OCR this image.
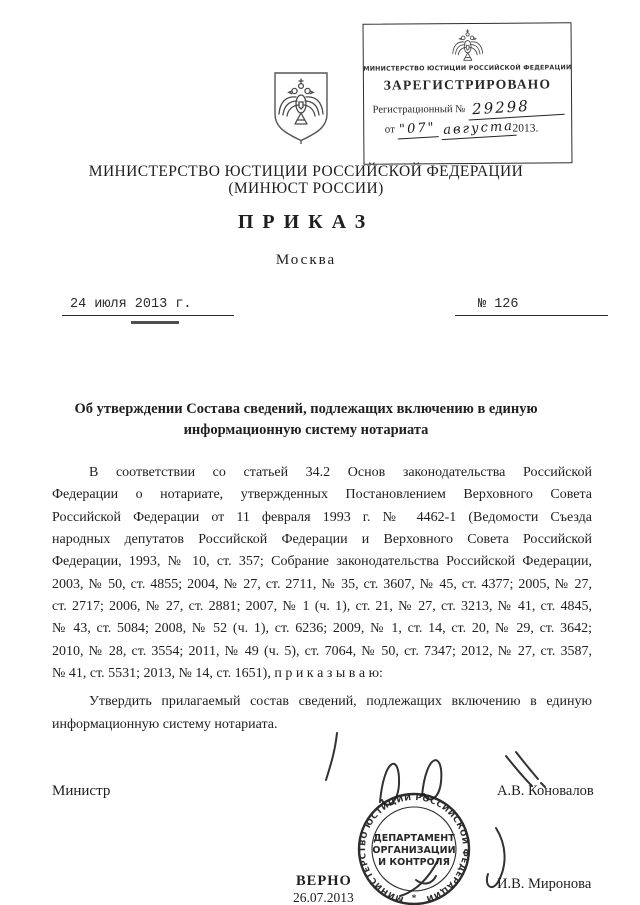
МИНИСТЕРСТВО ЮСТИЦИИ РОССИЙСКОЙ ФЕДЕРАЦИИ
ЗАРЕГИСТРИРОВАНО
Регистрационный № 29298
от "07" августа 2013.
МИНИСТЕРСТВО ЮСТИЦИИ РОССИЙСКОЙ ФЕДЕРАЦИИ
(МИНЮСТ РОССИИ)
ПРИКАЗ
Москва
24 июля 2013 г.	№ 126
Об утверждении Состава сведений, подлежащих включению в единую
информационную систему нотариата
В соответствии со статьей 34.2 Основ законодательства Российской
Федерации о нотариате, утвержденных Постановлением Верховного Совета
Российской Федерации от 11 февраля 1993 г. № 4462-1 (Ведомости Съезда
народных депутатов Российской Федерации и Верховного Совета Российской
Федерации, 1993, № 10, ст. 357; Собрание законодательства Российской Федерации,
2003, № 50, ст. 4855; 2004, № 27, ст. 2711, № 35, ст. 3607, № 45, ст. 4377; 2005, № 27,
ст. 2717; 2006, № 27, ст. 2881; 2007, № 1 (ч. 1), ст. 21, № 27, ст. 3213, № 41, ст. 4845,
№ 43, ст. 5084; 2008, № 52 (ч. 1), ст. 6236; 2009, № 1, ст. 14, ст. 20, № 29, ст. 3642;
2010, № 28, ст. 3554; 2011, № 49 (ч. 5), ст. 7064, № 50, ст. 7347; 2012, № 27, ст. 3587,
№ 41, ст. 5531; 2013, № 14, ст. 1651), п р и к а з ы в а ю:
Утвердить прилагаемый состав сведений, подлежащих включению в единую
информационную систему нотариата.
Министр	А.В. Коновалов
МИНИСТЕРСТВО ЮСТИЦИИ РОССИЙСКОЙ ФЕДЕРАЦИИ
*
ДЕПАРТАМЕНТ
ОРГАНИЗАЦИИ
И КОНТРОЛЯ
ВЕРНО
26.07.2013
И.В. Миронова
